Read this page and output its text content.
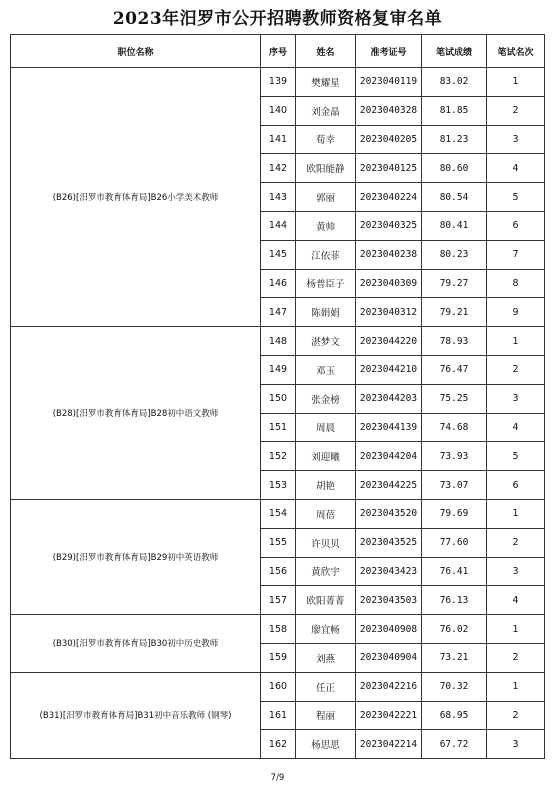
2023年汨罗市公开招聘教师资格复审名单
职位名称	序号	姓名	准考证号	笔试成绩	笔试名次
(B26)[汨罗市教育体育局]B26小学美术教师	139	樊耀星	2023040119	83.02	1
	140	刘金晶	2023040328	81.85	2
	141	荀幸	2023040205	81.23	3
	142	欧阳能静	2023040125	80.60	4
	143	郭丽	2023040224	80.54	5
	144	黄帅	2023040325	80.41	6
	145	江依菲	2023040238	80.23	7
	146	杨普臣子	2023040309	79.27	8
	147	陈娟娟	2023040312	79.21	9
(B28)[汨罗市教育体育局]B28初中语文教师	148	湛梦文	2023044220	78.93	1
	149	邓玉	2023044210	76.47	2
	150	张金榜	2023044203	75.25	3
	151	周晨	2023044139	74.68	4
	152	刘迎曦	2023044204	73.93	5
	153	胡艳	2023044225	73.07	6
(B29)[汨罗市教育体育局]B29初中英语教师	154	周蓓	2023043520	79.69	1
	155	许贝贝	2023043525	77.60	2
	156	黄欣宇	2023043423	76.41	3
	157	欧阳菁菁	2023043503	76.13	4
(B30)[汨罗市教育体育局]B30初中历史教师	158	廖宜畅	2023040908	76.02	1
	159	刘燕	2023040904	73.21	2
(B31)[汨罗市教育体育局]B31初中音乐教师 (钢琴)	160	任正	2023042216	70.32	1
	161	程丽	2023042221	68.95	2
	162	杨思思	2023042214	67.72	3
7/9
